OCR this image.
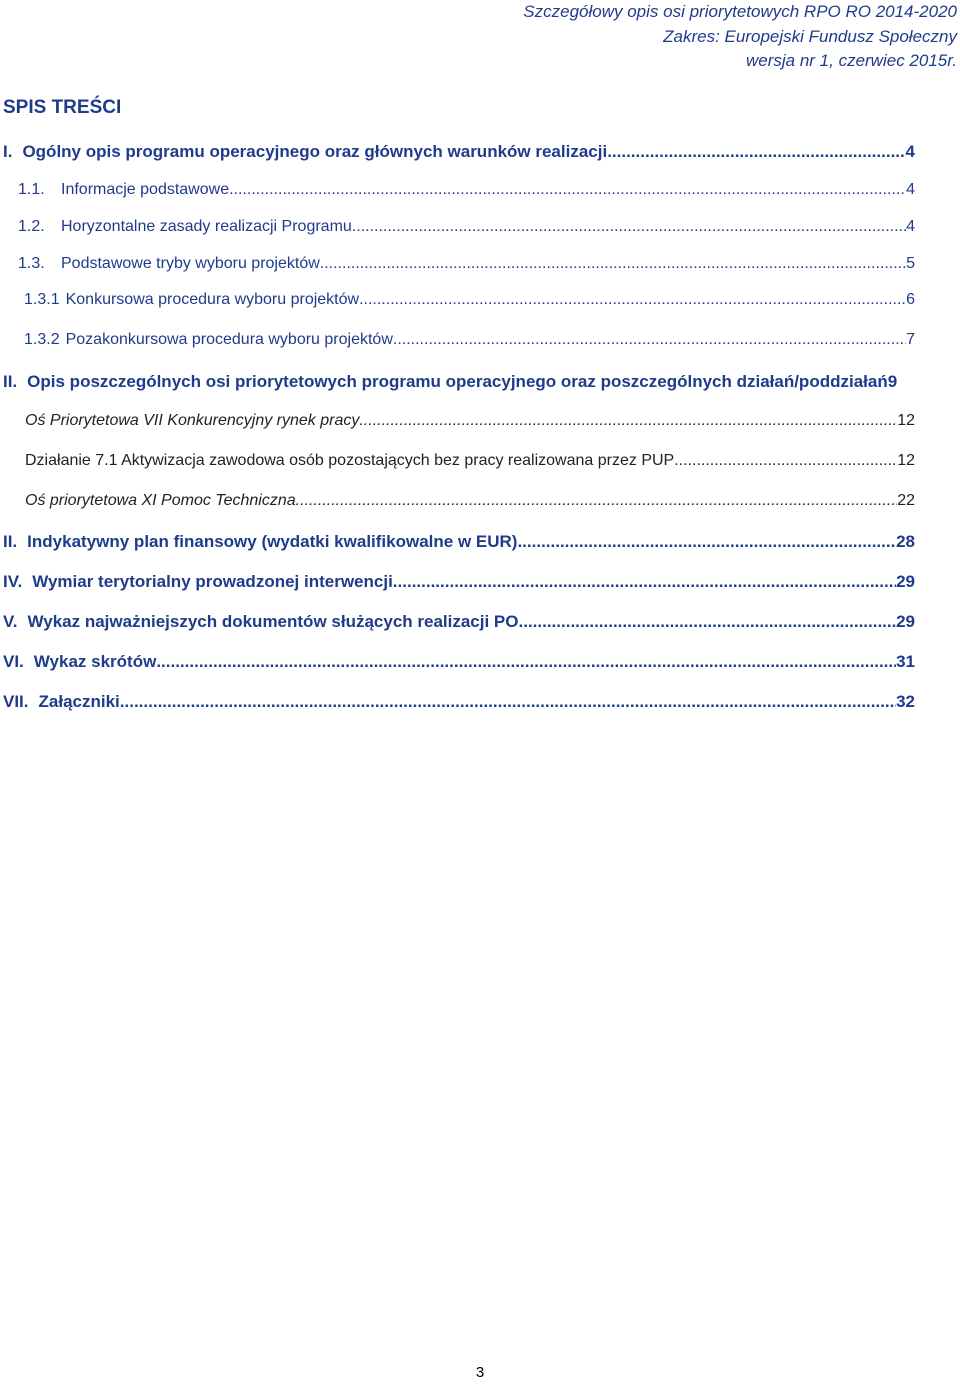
Szczegółowy opis osi priorytetowych RPO RO 2014-2020
Zakres: Europejski Fundusz Społeczny
wersja nr 1, czerwiec 2015r.
SPIS TREŚCI
I. Ogólny opis programu operacyjnego oraz głównych warunków realizacji .....	4
1.1.	Informacje podstawowe .....	4
1.2.	Horyzontalne zasady realizacji Programu .....	4
1.3.	Podstawowe tryby wyboru projektów .....	5
1.3.1 Konkursowa procedura wyboru projektów .....	6
1.3.2 Pozakonkursowa procedura wyboru projektów .....	7
II. Opis poszczególnych osi priorytetowych programu operacyjnego oraz poszczególnych działań/poddziałań 9
Oś Priorytetowa VII Konkurencyjny rynek pracy .....	12
Działanie 7.1 Aktywizacja zawodowa osób pozostających bez pracy realizowana przez PUP .....	12
Oś priorytetowa XI Pomoc Techniczna .....	22
II. Indykatywny plan finansowy (wydatki kwalifikowalne w EUR) .....	28
IV. Wymiar terytorialny prowadzonej interwencji .....	29
V. Wykaz najważniejszych dokumentów służących realizacji PO .....	29
VI. Wykaz skrótów .....	31
VII. Załączniki .....	32
3
